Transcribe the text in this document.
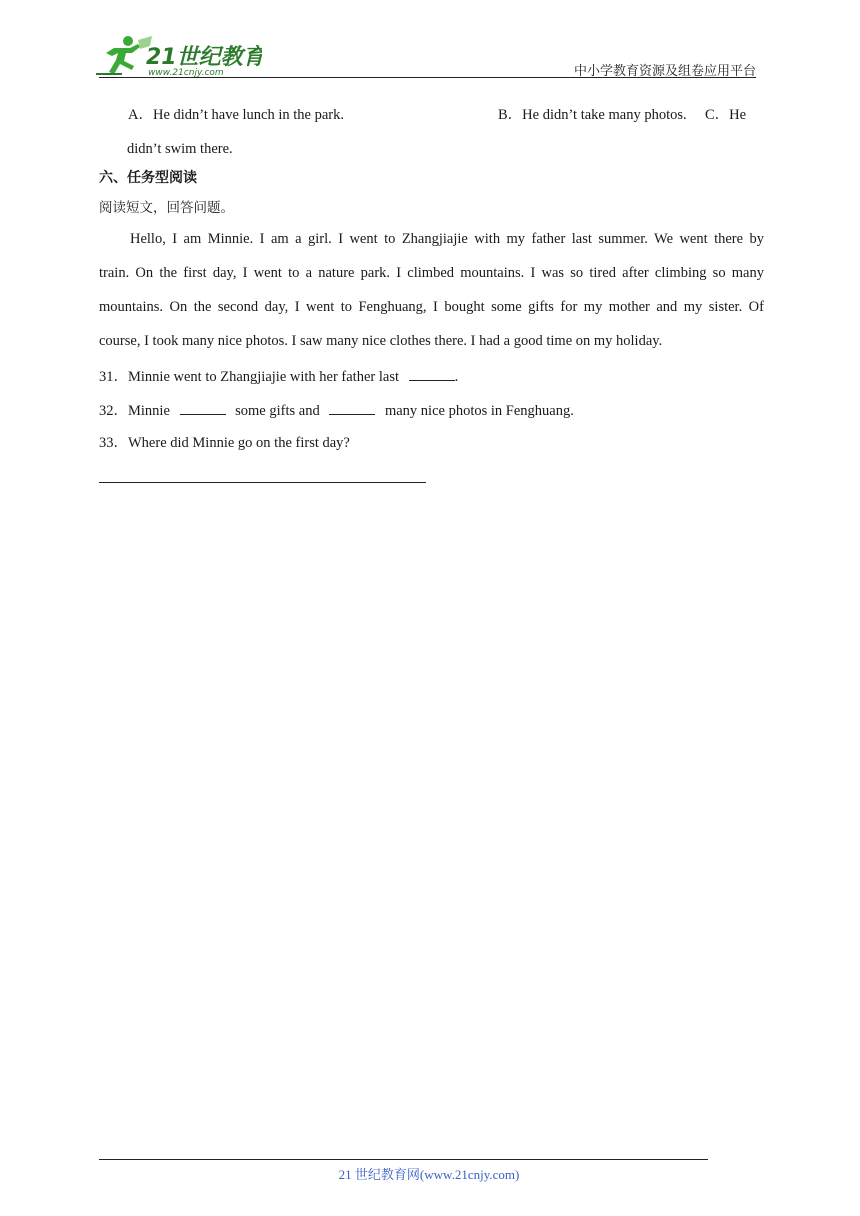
21世纪教育
www.21cnjy.com	中小学教育资源及组卷应用平台
A．He didn’t have lunch in the park.	B．He didn’t take many photos. C．He
didn’t swim there.
六、任务型阅读
阅读短文，回答问题。
Hello, I am Minnie. I am a girl. I went to Zhangjiajie with my father last summer. We went there by
train. On the first day, I went to a nature park. I climbed mountains. I was so tired after climbing so many
mountains. On the second day, I went to Fenghuang, I bought some gifts for my mother and my sister. Of
course, I took many nice photos. I saw many nice clothes there. I had a good time on my holiday.
31．Minnie went to Zhangjiajie with her father last	.
32．Minnie	some gifts and	many nice photos in Fenghuang.
33．Where did Minnie go on the first day?
21 世纪教育网(www.21cnjy.com)
